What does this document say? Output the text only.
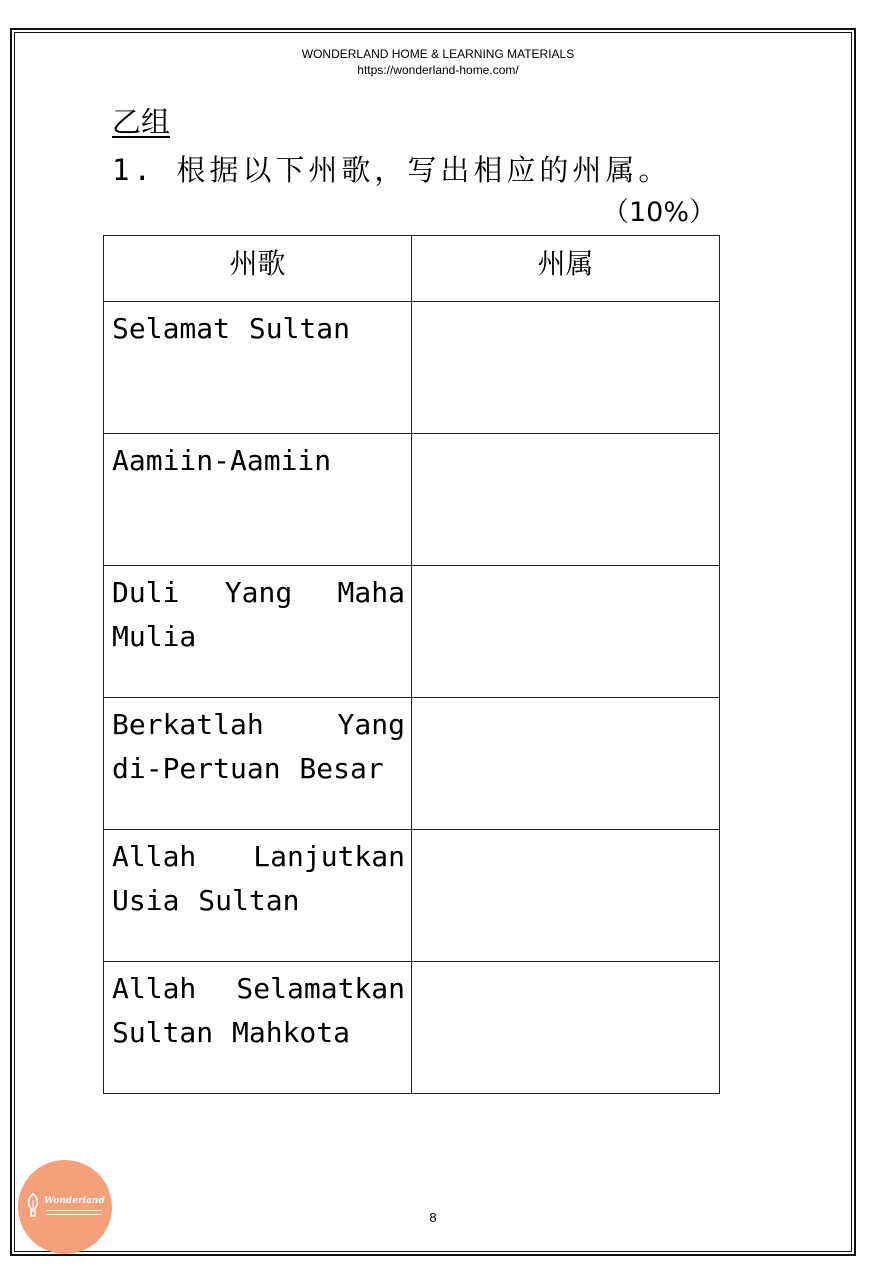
WONDERLAND HOME & LEARNING MATERIALS
https://wonderland-home.com/
乙组
1. 根据以下州歌，写出相应的州属。
（10%）
州歌	州属
Selamat Sultan	
Aamiin-Aamiin	
Duli Yang Maha Mulia	
Berkatlah Yang di-Pertuan Besar	
Allah Lanjutkan Usia Sultan	
Allah Selamatkan Sultan Mahkota	
Wonderland
8
